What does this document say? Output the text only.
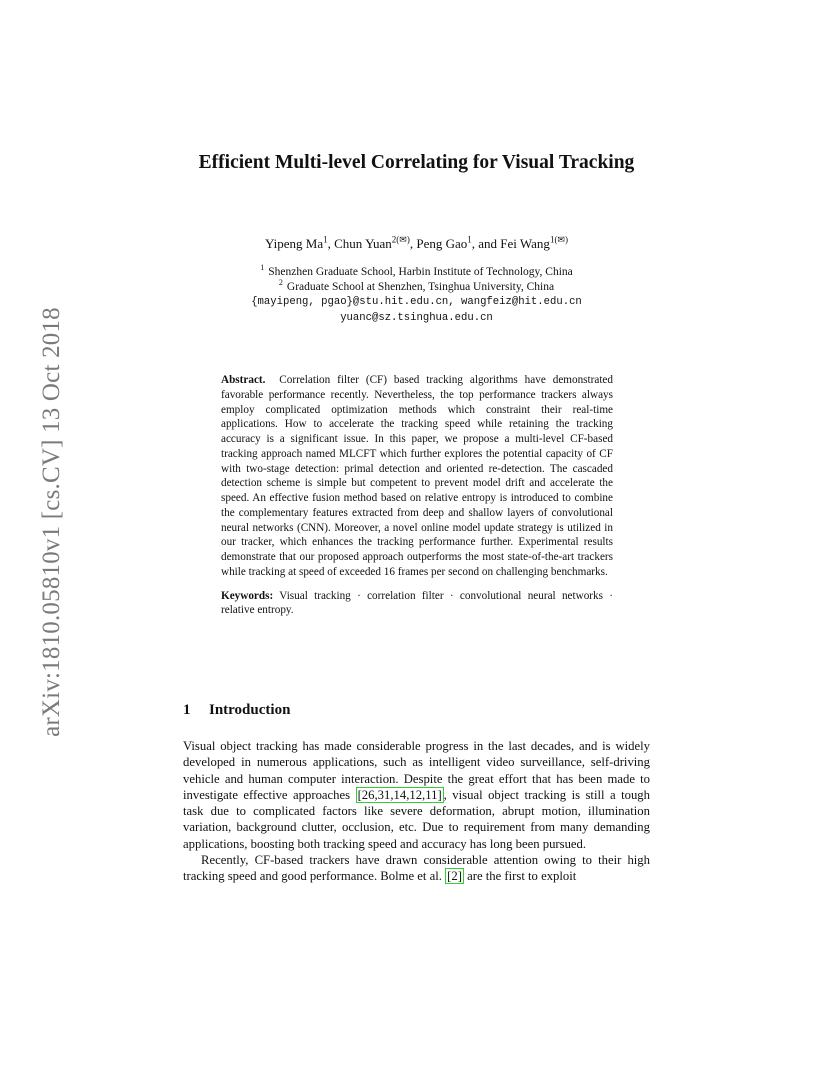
arXiv:1810.05810v1 [cs.CV] 13 Oct 2018
Efficient Multi-level Correlating for Visual Tracking
Yipeng Ma$^1$, Chun Yuan$^{2(✉)}$, Peng Gao$^1$, and Fei Wang$^{1(✉)}$
$^1$ Shenzhen Graduate School, Harbin Institute of Technology, China
$^2$ Graduate School at Shenzhen, Tsinghua University, China
{mayipeng, pgao}@stu.hit.edu.cn, wangfeiz@hit.edu.cn
yuanc@sz.tsinghua.edu.cn

Abstract. Correlation filter (CF) based tracking algorithms have demonstrated favorable performance recently. Nevertheless, the top performance trackers always employ complicated optimization methods which constraint their real-time applications. How to accelerate the tracking speed while retaining the tracking accuracy is a significant issue. In this paper, we propose a multi-level CF-based tracking approach named MLCFT which further explores the potential capacity of CF with two-stage detection: primal detection and oriented re-detection. The cascaded detection scheme is simple but competent to prevent model drift and accelerate the speed. An effective fusion method based on relative entropy is introduced to combine the complementary features extracted from deep and shallow layers of convolutional neural networks (CNN). Moreover, a novel online model update strategy is utilized in our tracker, which enhances the tracking performance further. Experimental results demonstrate that our proposed approach outperforms the most state-of-the-art trackers while tracking at speed of exceeded 16 frames per second on challenging benchmarks.

Keywords: Visual tracking · correlation filter · convolutional neural networks · relative entropy.

1 Introduction

Visual object tracking has made considerable progress in the last decades, and is widely developed in numerous applications, such as intelligent video surveillance, self-driving vehicle and human computer interaction. Despite the great effort that has been made to investigate effective approaches [26,31,14,12,11] , visual object tracking is still a tough task due to complicated factors like severe deformation, abrupt motion, illumination variation, background clutter, occlusion, etc. Due to requirement from many demanding applications, boosting both tracking speed and accuracy has long been pursued.

Recently, CF-based trackers have drawn considerable attention owing to their high tracking speed and good performance. Bolme et al. [2] are the first to exploit
